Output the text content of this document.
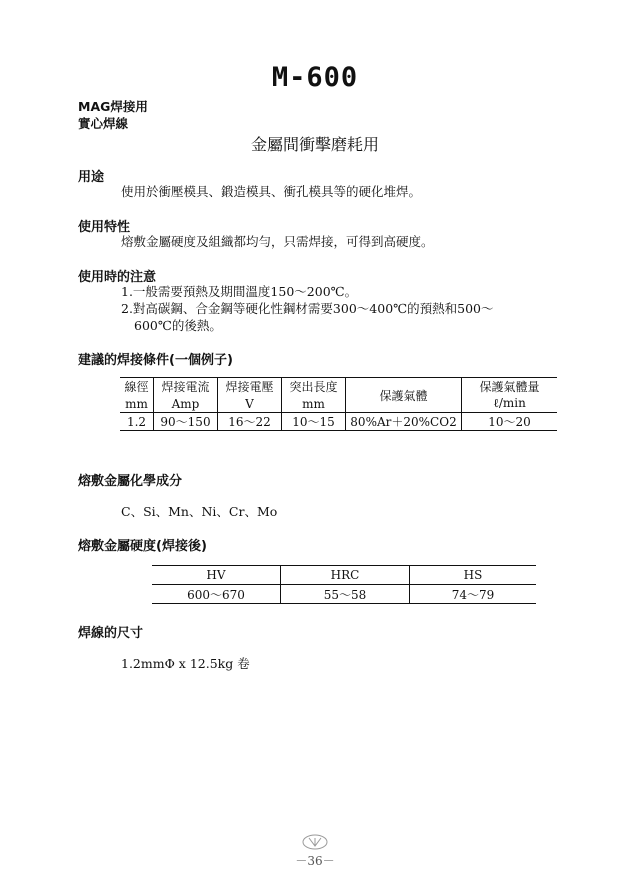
M-600
MAG焊接用
實心焊線
金屬間衝擊磨耗用
用途
使用於衝壓模具、鍛造模具、衝孔模具等的硬化堆焊。
使用特性
熔敷金屬硬度及組織都均勻，只需焊接，可得到高硬度。
使用時的注意
1.一般需要預熱及期間溫度150～200℃。
2.對高碳鋼、合金鋼等硬化性鋼材需要300～400℃的預熱和500～
600℃的後熱。
建議的焊接條件(一個例子)
線徑	焊接電流	焊接電壓	突出長度	保護氣體	保護氣體量
mm	Amp	V	mm		ℓ/min
1.2	90～150	16～22	10～15	80%Ar＋20%CO2	10～20
熔敷金屬化學成分
C、Si、Mn、Ni、Cr、Mo
熔敷金屬硬度(焊接後)
HV	HRC	HS
600～670	55～58	74～79
焊線的尺寸
1.2mmΦ x 12.5kg 卷
－36－
